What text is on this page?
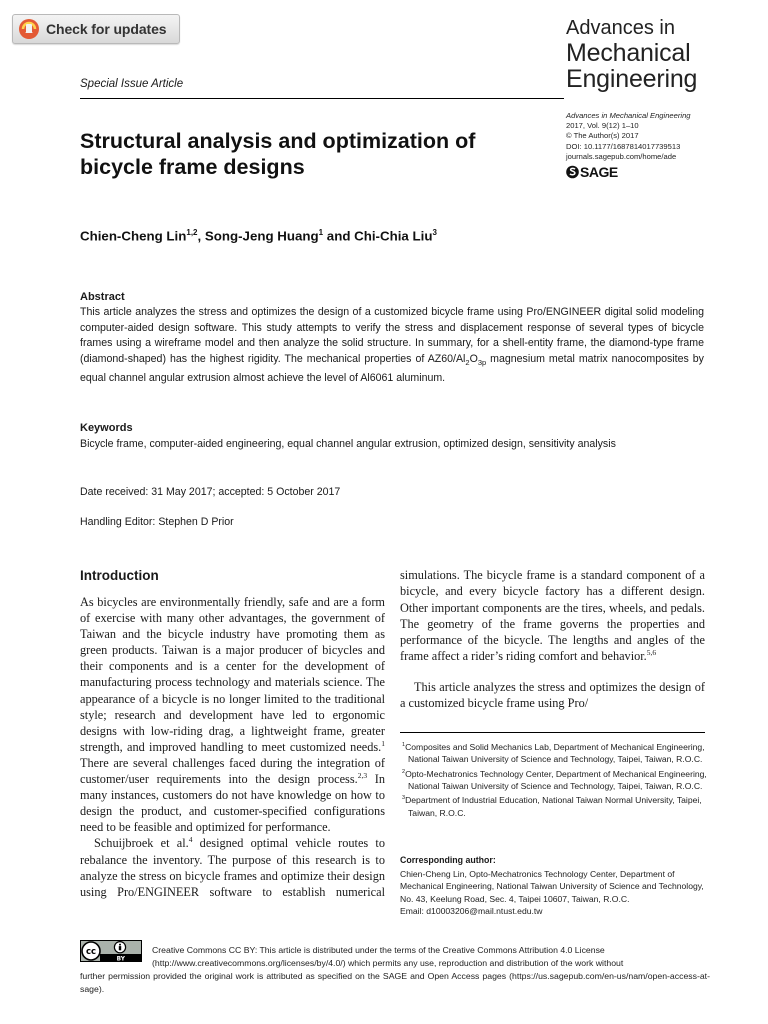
Check for updates	Advances in
Mechanical
Engineering
Special Issue Article
Advances in Mechanical Engineering
2017, Vol. 9(12) 1–10
© The Author(s) 2017
DOI: 10.1177/1687814017739513
journals.sagepub.com/home/ade
SAGE
Structural analysis and optimization of bicycle frame designs
Chien-Cheng Lin$^{1,2}$, Song-Jeng Huang$^1$ and Chi-Chia Liu$^3$
Abstract
This article analyzes the stress and optimizes the design of a customized bicycle frame using Pro/ENGINEER digital solid modeling computer-aided design software. This study attempts to verify the stress and displacement response of several types of bicycle frames using a wireframe model and then analyze the solid structure. In summary, for a shell-entity frame, the diamond-type frame (diamond-shaped) has the highest rigidity. The mechanical properties of $AZ60/Al_2O_{3p}$ magnesium metal matrix nanocomposites by equal channel angular extrusion almost achieve the level of Al6061 aluminum.
Keywords
Bicycle frame, computer-aided engineering, equal channel angular extrusion, optimized design, sensitivity analysis
Date received: 31 May 2017; accepted: 5 October 2017
Handling Editor: Stephen D Prior
Introduction

As bicycles are environmentally friendly, safe and are a form of exercise with many other advantages, the government of Taiwan and the bicycle industry have promoting them as green products. Taiwan is a major producer of bicycles and their components and is a center for the development of manufacturing process technology and materials science. The appearance of a bicycle is no longer limited to the traditional style; research and development have led to ergonomic designs with low-riding drag, a lightweight frame, greater strength, and improved handling to meet customized needs.$^1$ There are several challenges faced during the integration of customer/user requirements into the design process.$^{2,3}$ In many instances, customers do not have knowledge on how to design the product, and customer-specified configurations need to be feasible and optimized for performance.

Schuijbroek et al.$^4$ designed optimal vehicle routes to rebalance the inventory. The purpose of this research is to analyze the stress on bicycle frames and optimize their design using Pro/ENGINEER software to establish numerical

simulations. The bicycle frame is a standard component of a bicycle, and every bicycle factory has a different design. Other important components are the tires, wheels, and pedals. The geometry of the frame governs the properties and performance of the bicycle. The lengths and angles of the frame affect a rider’s riding comfort and behavior.$^{5,6}$

This article analyzes the stress and optimizes the design of a customized bicycle frame using Pro/

$^1$Composites and Solid Mechanics Lab, Department of Mechanical Engineering, National Taiwan University of Science and Technology, Taipei, Taiwan, R.O.C.
$^2$Opto-Mechatronics Technology Center, Department of Mechanical Engineering, National Taiwan University of Science and Technology, Taipei, Taiwan, R.O.C.
$^3$Department of Industrial Education, National Taiwan Normal University, Taipei, Taiwan, R.O.C.
Corresponding author:
Chien-Cheng Lin, Opto-Mechatronics Technology Center, Department of Mechanical Engineering, National Taiwan University of Science and Technology, No. 43, Keelung Road, Sec. 4, Taipei 10607, Taiwan, R.O.C.
Email: d10003206@mail.ntust.edu.tw
cc
BY
Creative Commons CC BY: This article is distributed under the terms of the Creative Commons Attribution 4.0 License
(http://www.creativecommons.org/licenses/by/4.0/) which permits any use, reproduction and distribution of the work without
further permission provided the original work is attributed as specified on the SAGE and Open Access pages (https://us.sagepub.com/en-us/nam/open-access-at-sage).
